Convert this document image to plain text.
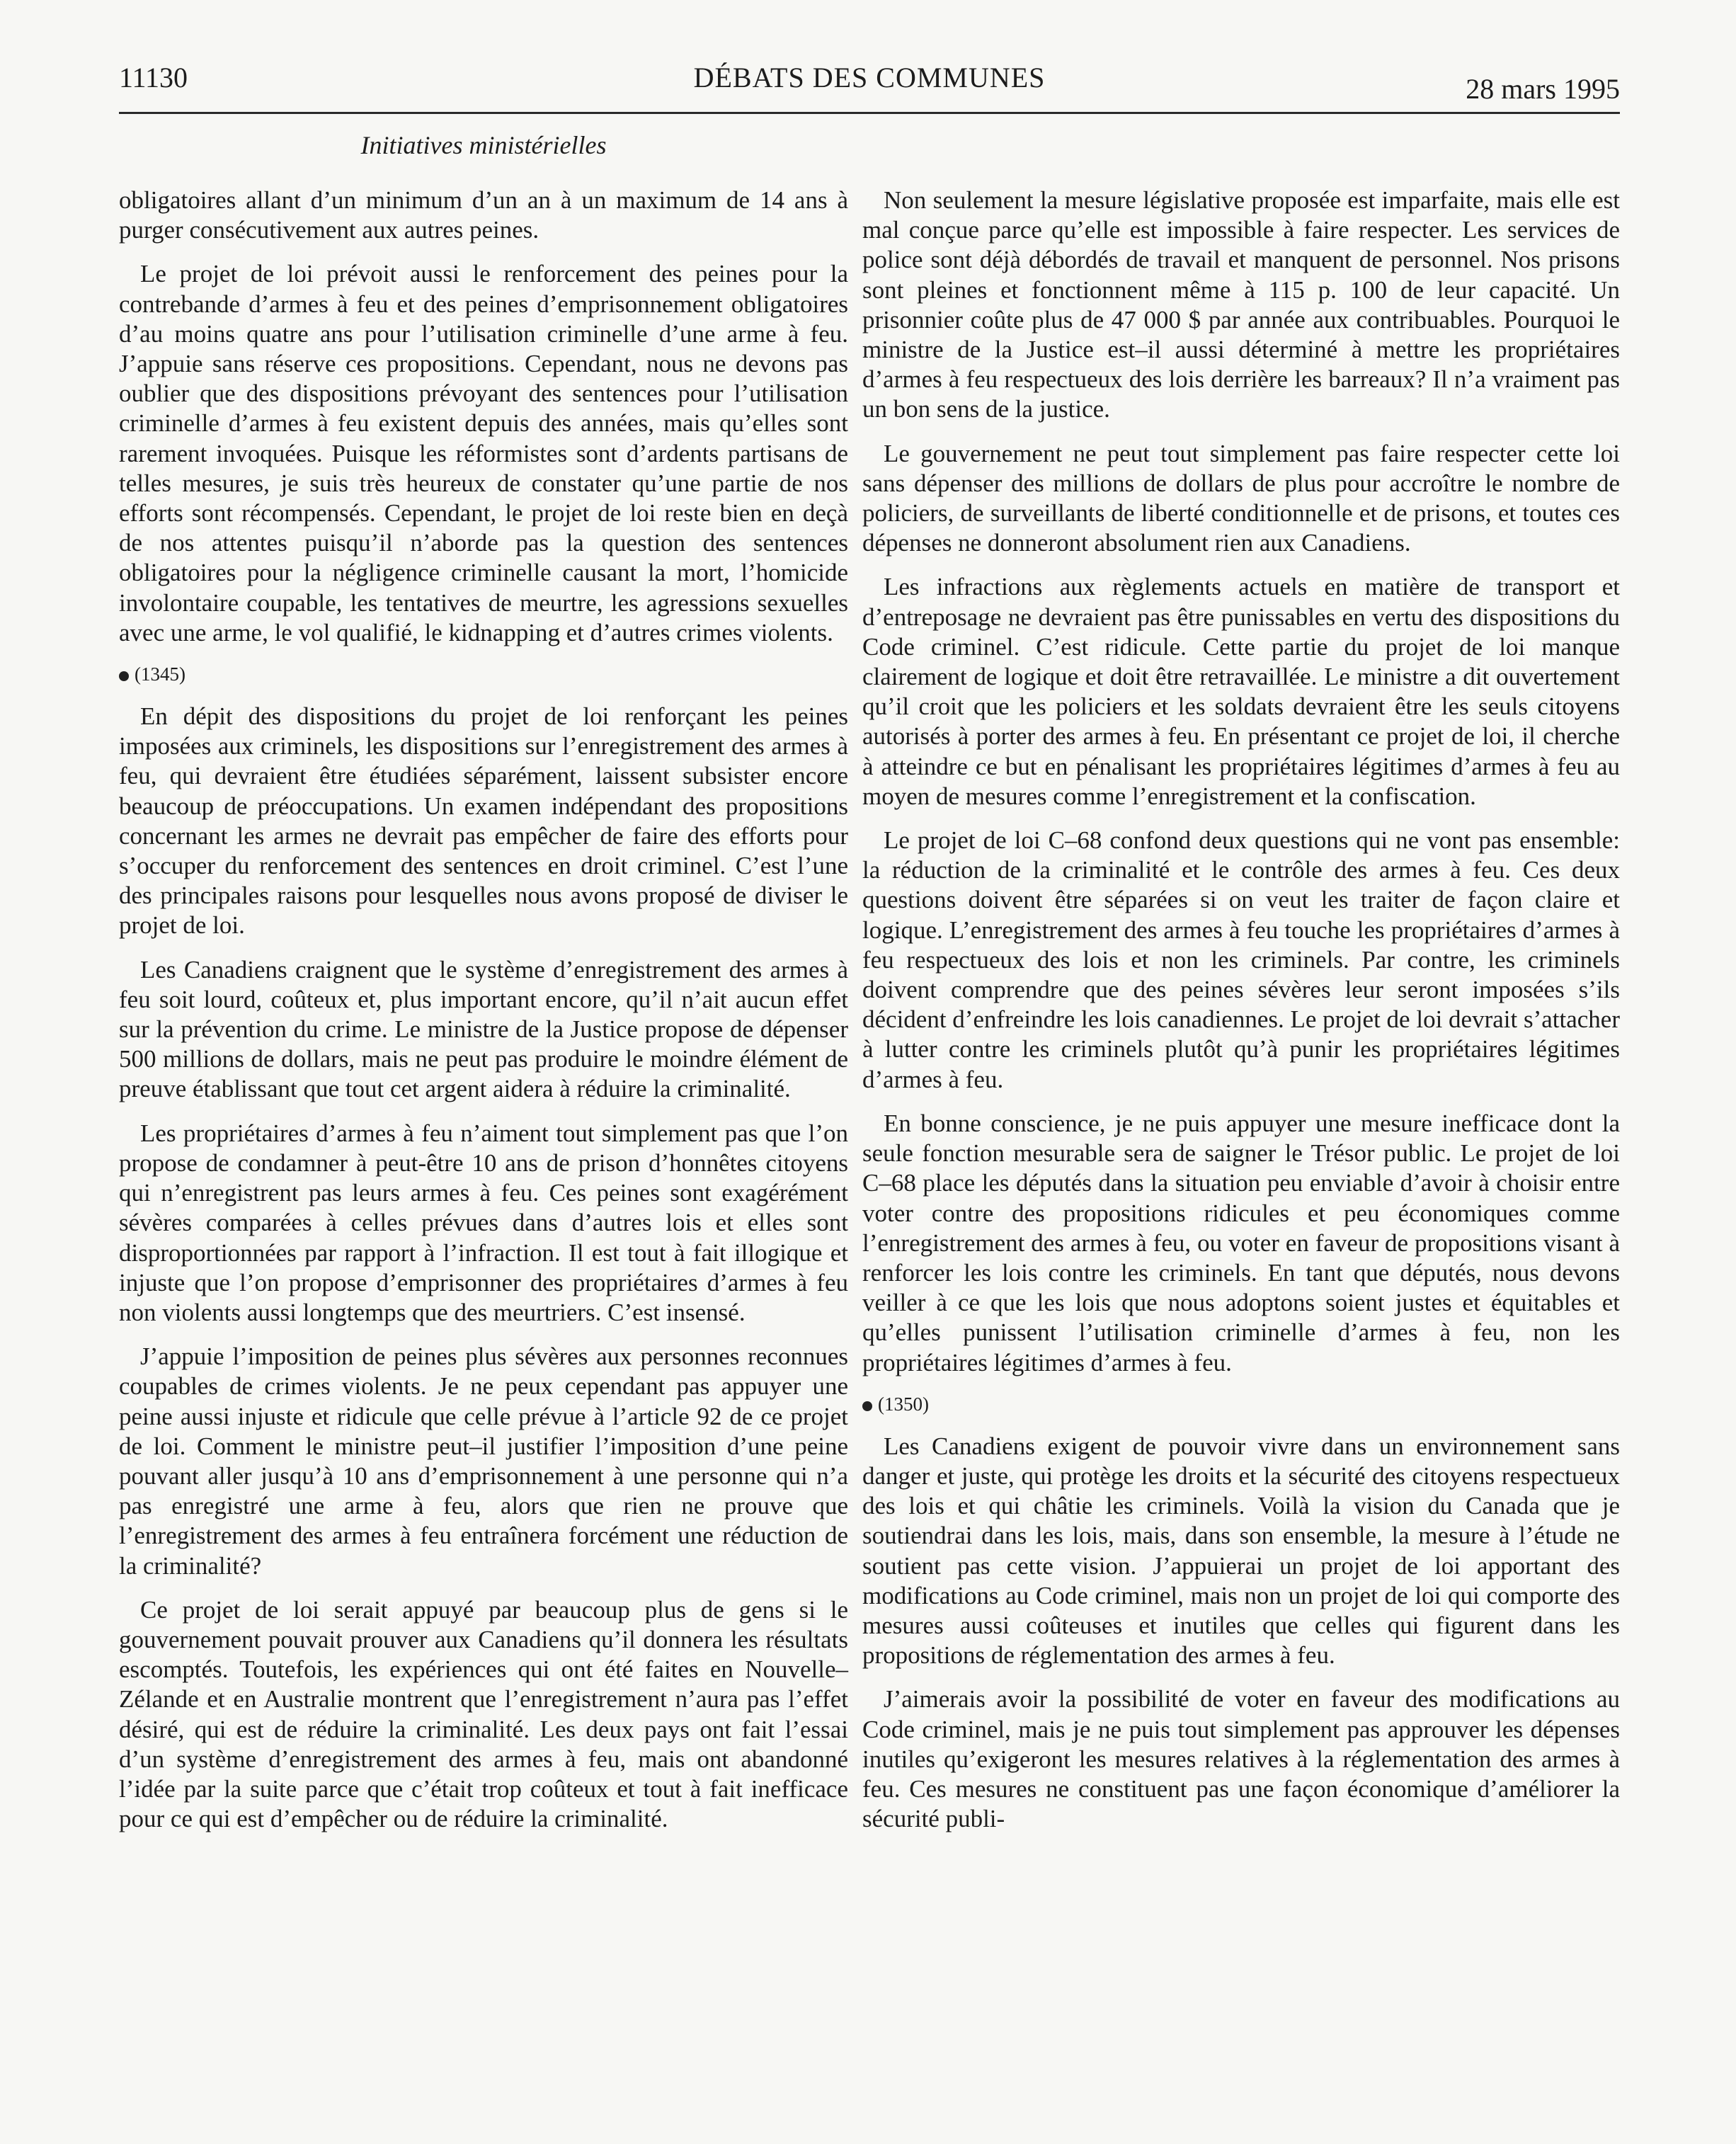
11130	DÉBATS DES COMMUNES	28 mars 1995
Initiatives ministérielles

obligatoires allant d’un minimum d’un an à un maximum de 14 ans à purger consécutivement aux autres peines.

Le projet de loi prévoit aussi le renforcement des peines pour la contrebande d’armes à feu et des peines d’emprisonnement obligatoires d’au moins quatre ans pour l’utilisation criminelle d’une arme à feu. J’appuie sans réserve ces propositions. Cependant, nous ne devons pas oublier que des dispositions prévoyant des sentences pour l’utilisation criminelle d’armes à feu existent depuis des années, mais qu’elles sont rarement invoquées. Puisque les réformistes sont d’ardents partisans de telles mesures, je suis très heureux de constater qu’une partie de nos efforts sont récompensés. Cependant, le projet de loi reste bien en deçà de nos attentes puisqu’il n’aborde pas la question des sentences obligatoires pour la négligence criminelle causant la mort, l’homicide involontaire coupable, les tentatives de meurtre, les agressions sexuelles avec une arme, le vol qualifié, le kidnapping et d’autres crimes violents.

(1345)

En dépit des dispositions du projet de loi renforçant les peines imposées aux criminels, les dispositions sur l’enregistrement des armes à feu, qui devraient être étudiées séparément, laissent subsister encore beaucoup de préoccupations. Un examen indépendant des propositions concernant les armes ne devrait pas empêcher de faire des efforts pour s’occuper du renforcement des sentences en droit criminel. C’est l’une des principales raisons pour lesquelles nous avons proposé de diviser le projet de loi.

Les Canadiens craignent que le système d’enregistrement des armes à feu soit lourd, coûteux et, plus important encore, qu’il n’ait aucun effet sur la prévention du crime. Le ministre de la Justice propose de dépenser 500 millions de dollars, mais ne peut pas produire le moindre élément de preuve établissant que tout cet argent aidera à réduire la criminalité.

Les propriétaires d’armes à feu n’aiment tout simplement pas que l’on propose de condamner à peut-être 10 ans de prison d’honnêtes citoyens qui n’enregistrent pas leurs armes à feu. Ces peines sont exagérément sévères comparées à celles prévues dans d’autres lois et elles sont disproportionnées par rapport à l’infraction. Il est tout à fait illogique et injuste que l’on propose d’emprisonner des propriétaires d’armes à feu non violents aussi longtemps que des meurtriers. C’est insensé.

J’appuie l’imposition de peines plus sévères aux personnes reconnues coupables de crimes violents. Je ne peux cependant pas appuyer une peine aussi injuste et ridicule que celle prévue à l’article 92 de ce projet de loi. Comment le ministre peut–il justifier l’imposition d’une peine pouvant aller jusqu’à 10 ans d’emprisonnement à une personne qui n’a pas enregistré une arme à feu, alors que rien ne prouve que l’enregistrement des armes à feu entraînera forcément une réduction de la criminalité?

Ce projet de loi serait appuyé par beaucoup plus de gens si le gouvernement pouvait prouver aux Canadiens qu’il donnera les résultats escomptés. Toutefois, les expériences qui ont été faites en Nouvelle–Zélande et en Australie montrent que l’enregistrement n’aura pas l’effet désiré, qui est de réduire la criminalité. Les deux pays ont fait l’essai d’un système d’enregistrement des armes à feu, mais ont abandonné l’idée par la suite parce que c’était trop coûteux et tout à fait inefficace pour ce qui est d’empêcher ou de réduire la criminalité.

Non seulement la mesure législative proposée est imparfaite, mais elle est mal conçue parce qu’elle est impossible à faire respecter. Les services de police sont déjà débordés de travail et manquent de personnel. Nos prisons sont pleines et fonctionnent même à 115 p. 100 de leur capacité. Un prisonnier coûte plus de 47 000 $ par année aux contribuables. Pourquoi le ministre de la Justice est–il aussi déterminé à mettre les propriétaires d’armes à feu respectueux des lois derrière les barreaux? Il n’a vraiment pas un bon sens de la justice.

Le gouvernement ne peut tout simplement pas faire respecter cette loi sans dépenser des millions de dollars de plus pour accroître le nombre de policiers, de surveillants de liberté conditionnelle et de prisons, et toutes ces dépenses ne donneront absolument rien aux Canadiens.

Les infractions aux règlements actuels en matière de transport et d’entreposage ne devraient pas être punissables en vertu des dispositions du Code criminel. C’est ridicule. Cette partie du projet de loi manque clairement de logique et doit être retravaillée. Le ministre a dit ouvertement qu’il croit que les policiers et les soldats devraient être les seuls citoyens autorisés à porter des armes à feu. En présentant ce projet de loi, il cherche à atteindre ce but en pénalisant les propriétaires légitimes d’armes à feu au moyen de mesures comme l’enregistrement et la confiscation.

Le projet de loi C–68 confond deux questions qui ne vont pas ensemble: la réduction de la criminalité et le contrôle des armes à feu. Ces deux questions doivent être séparées si on veut les traiter de façon claire et logique. L’enregistrement des armes à feu touche les propriétaires d’armes à feu respectueux des lois et non les criminels. Par contre, les criminels doivent comprendre que des peines sévères leur seront imposées s’ils décident d’enfreindre les lois canadiennes. Le projet de loi devrait s’attacher à lutter contre les criminels plutôt qu’à punir les propriétaires légitimes d’armes à feu.

En bonne conscience, je ne puis appuyer une mesure inefficace dont la seule fonction mesurable sera de saigner le Trésor public. Le projet de loi C–68 place les députés dans la situation peu enviable d’avoir à choisir entre voter contre des propositions ridicules et peu économiques comme l’enregistrement des armes à feu, ou voter en faveur de propositions visant à renforcer les lois contre les criminels. En tant que députés, nous devons veiller à ce que les lois que nous adoptons soient justes et équitables et qu’elles punissent l’utilisation criminelle d’armes à feu, non les propriétaires légitimes d’armes à feu.

(1350)

Les Canadiens exigent de pouvoir vivre dans un environnement sans danger et juste, qui protège les droits et la sécurité des citoyens respectueux des lois et qui châtie les criminels. Voilà la vision du Canada que je soutiendrai dans les lois, mais, dans son ensemble, la mesure à l’étude ne soutient pas cette vision. J’appuierai un projet de loi apportant des modifications au Code criminel, mais non un projet de loi qui comporte des mesures aussi coûteuses et inutiles que celles qui figurent dans les propositions de réglementation des armes à feu.

J’aimerais avoir la possibilité de voter en faveur des modifications au Code criminel, mais je ne puis tout simplement pas approuver les dépenses inutiles qu’exigeront les mesures relatives à la réglementation des armes à feu. Ces mesures ne constituent pas une façon économique d’améliorer la sécurité publi-
